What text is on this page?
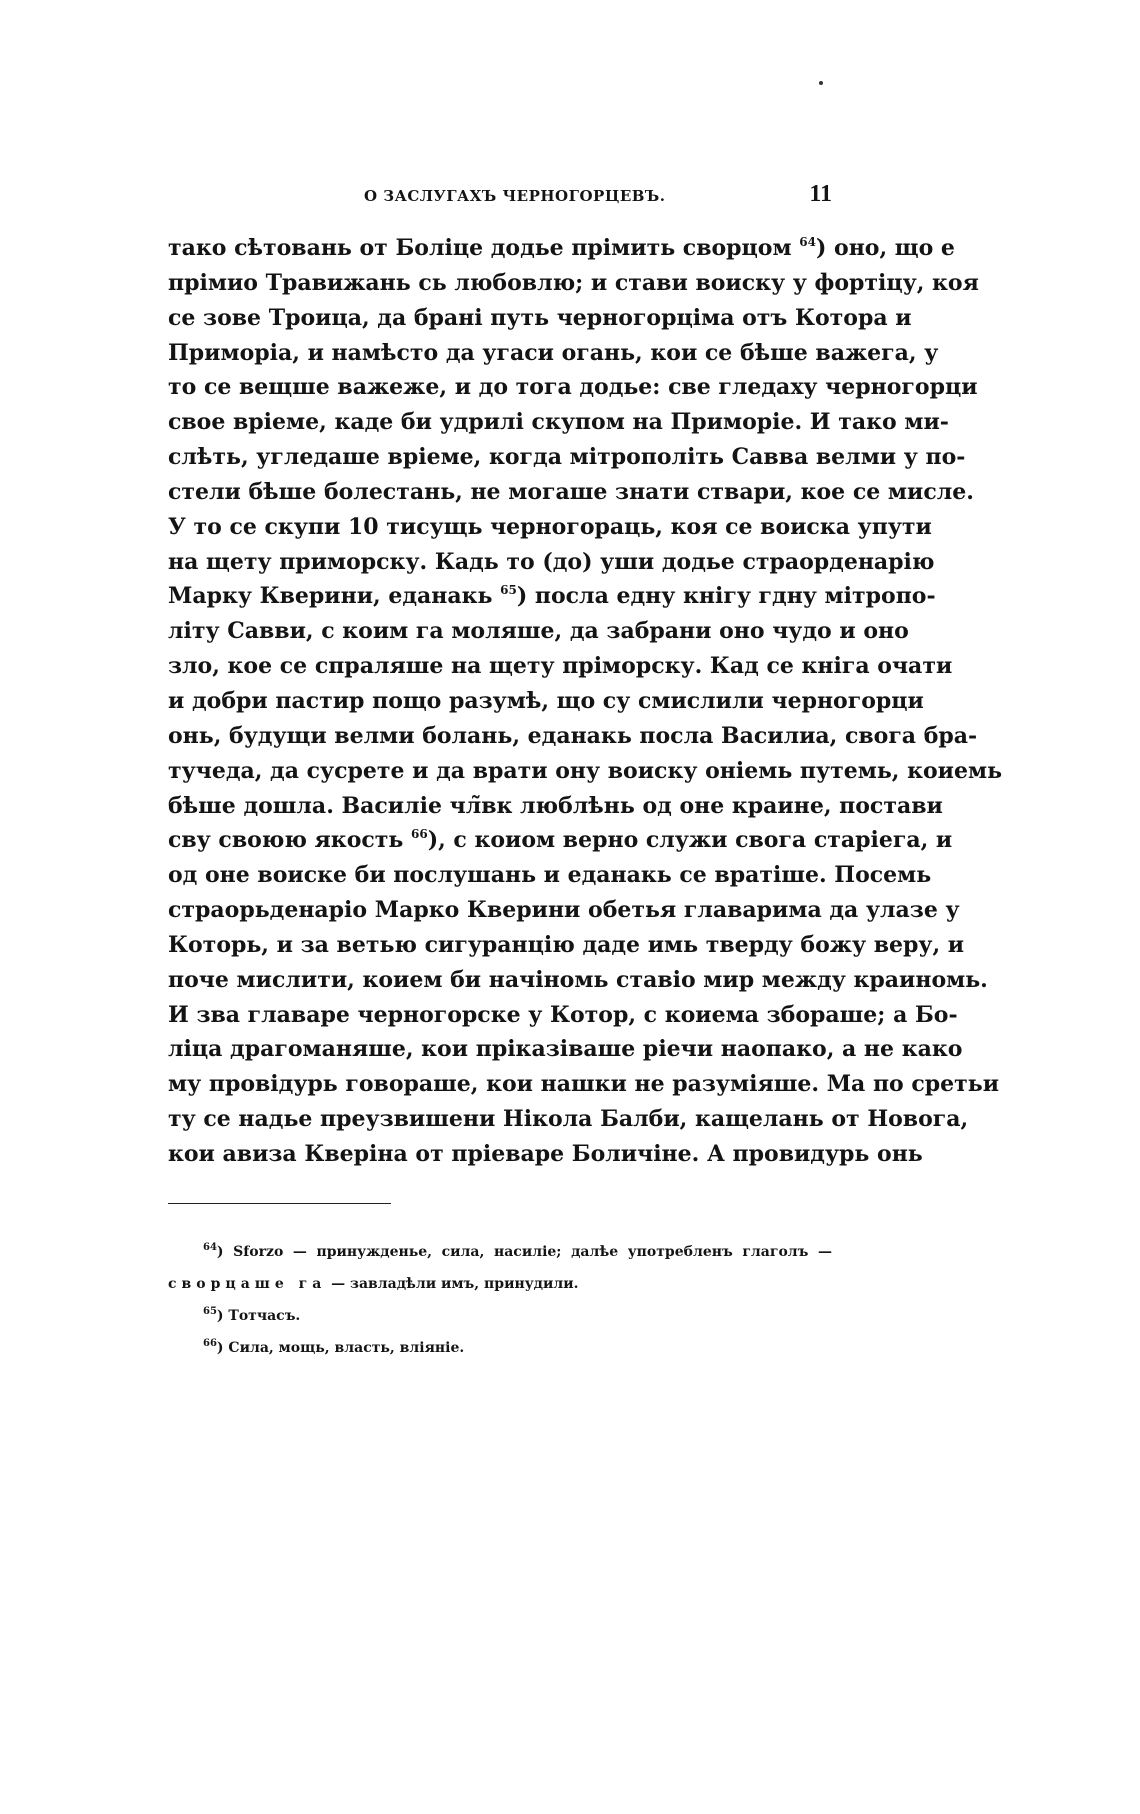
О ЗАСЛУГАХЪ ЧЕРНОГОРЦЕВЪ.	11
тако сѣтовань от Боліце додье прімить сворцом $^{64}$) оно, що е
прімио Травижань сь любовлю; и стави воиску у фортіцу, коя
се зове Троица, да брані путь черногорціма отъ Котора и
Приморіа, и намѣсто да угаси огань, кои се бѣше важега, у
то се вещше важеже, и до тога додье: све гледаху черногорци
свое вріеме, каде би удрилі скупом на Приморіе. И тако ми-
слѣть, угледаше вріеме, когда мітрополіть Савва велми у по-
стели бѣше болестань, не могаше знати ствари, кое се мисле.
У то се скупи 10 тисущь черногорaць, коя се воиска упути
на щету приморску. Кадь то (до) уши додье страорденарію
Марку Кверини, еданакь $^{65}$) посла едну кнігу гдну мітропо-
літу Савви, с коим га моляше, да забрани оно чудо и оно
зло, кое се спраляше на щету пріморску. Кад се кніга очати
и добри пастир пощо разумѣ, що су смислили черногорци
онь, будущи велми болань, еданакь посла Василиа, свога бра-
тучеда, да сусрете и да врати ону воиску оніемь путемь, коиемь
бѣше дошла. Василіе чл̃вк люблѣнь од оне краине, постави
сву своюю якость $^{66}$), с коиом верно служи свога старіега, и
од оне воиске би послушань и еданакь се вратіше. Посемь
страорьденаріо Марко Кверини обетья главарима да улазе у
Которь, и за ветью сигуранцію даде имь тверду божу веру, и
поче мислити, коием би начіномь ставіо мир между краиномь.
И зва главаре черногорске у Котор, с коиема збораше; а Бо-
ліца драгоманяше, кои прiказіваше ріечи наопако, а не како
му провідурь говораше, кои нашки не разуміяше. Ма по сретьи
ту се надье преузвишени Нікола Балби, кащелань от Новога,
кои авиза Кверіна от пріеваре Боличіне. А провидурь онь
$^{64}$) Sforzo — принужденье, сила, насиліе; далѣе употребленъ глаголъ —
сворцаше га — завладѣли имъ, принудили.
$^{65}$) Тотчасъ.
$^{66}$) Сила, мощь, власть, вліяніе.
